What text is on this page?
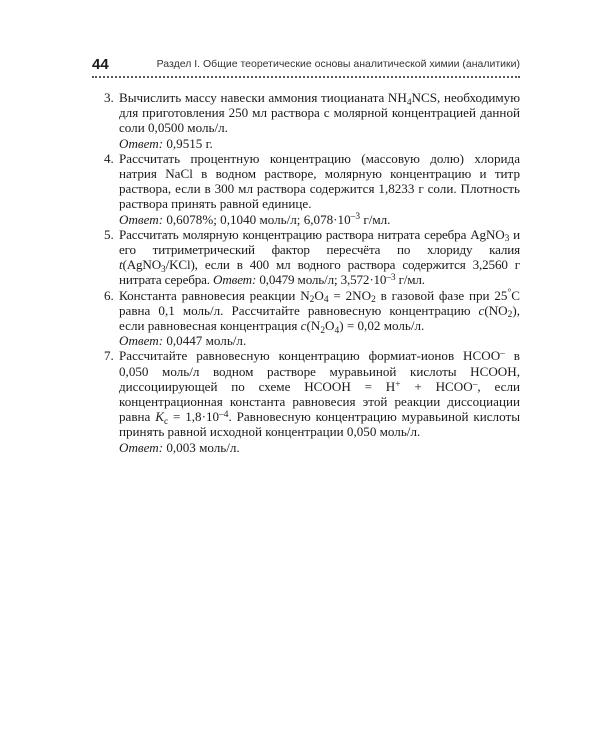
44	Раздел I. Общие теоретические основы аналитической химии (аналитики)
3. Вычислить массу навески аммония тиоцианата $NH_4NCS$, необходимую для приготовления 250 мл раствора с молярной концентрацией данной соли 0,0500 моль/л.
Ответ: 0,9515 г.
4. Рассчитать процентную концентрацию (массовую долю) хлорида натрия NaCl в водном растворе, молярную концентрацию и титр раствора, если в 300 мл раствора содержится 1,8233 г соли. Плотность раствора принять равной единице.
Ответ: 0,6078%; 0,1040 моль/л; $6,078\cdot 10^{-3}$ г/мл.
5. Рассчитать молярную концентрацию раствора нитрата серебра AgNO$_3$ и его титриметрический фактор пересчёта по хлориду калия t(AgNO$_3$/KCl), если в 400 мл водного раствора содержится 3,2560 г нитрата серебра. Ответ: 0,0479 моль/л; $3,572\cdot 10^{-3}$ г/мл.
6. Константа равновесия реакции $N_2O_4 = 2NO_2$ в газовой фазе при 25°С равна 0,1 моль/л. Рассчитайте равновесную концентрацию $c(NO_2)$, если равновесная концентрация $c(N_2O_4) = 0,02$ моль/л.
Ответ: 0,0447 моль/л.
7. Рассчитайте равновесную концентрацию формиат-ионов HCOO– в 0,050 моль/л водном растворе муравьиной кислоты HCOOH, диссоциирующей по схеме HCOOH = H+ + HCOO–, если концентрационная константа равновесия этой реакции диссоциации равна $K_c = 1,8\cdot 10^{-4}$. Равновесную концентрацию муравьиной кислоты принять равной исходной концентрации 0,050 моль/л.
Ответ: 0,003 моль/л.
